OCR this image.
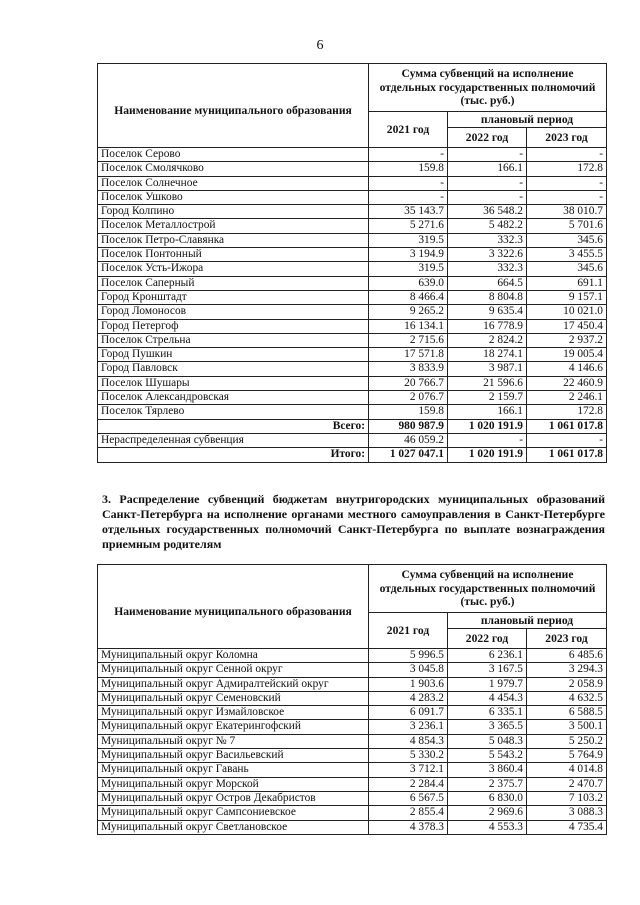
6
Наименование муниципального образования	Сумма субвенций на исполнение отдельных государственных полномочий (тыс. руб.)		
	2021 год	плановый период	
		2022 год	2023 год
Поселок Серово	-	-	-
Поселок Смолячково	159.8	166.1	172.8
Поселок Солнечное	-	-	-
Поселок Ушково	-	-	-
Город Колпино	35 143.7	36 548.2	38 010.7
Поселок Металлострой	5 271.6	5 482.2	5 701.6
Поселок Петро-Славянка	319.5	332.3	345.6
Поселок Понтонный	3 194.9	3 322.6	3 455.5
Поселок Усть-Ижора	319.5	332.3	345.6
Поселок Саперный	639.0	664.5	691.1
Город Кронштадт	8 466.4	8 804.8	9 157.1
Город Ломоносов	9 265.2	9 635.4	10 021.0
Город Петергоф	16 134.1	16 778.9	17 450.4
Поселок Стрельна	2 715.6	2 824.2	2 937.2
Город Пушкин	17 571.8	18 274.1	19 005.4
Город Павловск	3 833.9	3 987.1	4 146.6
Поселок Шушары	20 766.7	21 596.6	22 460.9
Поселок Александровская	2 076.7	2 159.7	2 246.1
Поселок Тярлево	159.8	166.1	172.8
Всего:	980 987.9	1 020 191.9	1 061 017.8
Нераспределенная субвенция	46 059.2	-	-
Итого:	1 027 047.1	1 020 191.9	1 061 017.8
3. Распределение субвенций бюджетам внутригородских муниципальных образований Санкт-Петербурга на исполнение органами местного самоуправления в Санкт-Петербурге отдельных государственных полномочий Санкт-Петербурга по выплате вознаграждения приемным родителям
Наименование муниципального образования	Сумма субвенций на исполнение отдельных государственных полномочий (тыс. руб.)		
	2021 год	плановый период	
		2022 год	2023 год
Муниципальный округ Коломна	5 996.5	6 236.1	6 485.6
Муниципальный округ Сенной округ	3 045.8	3 167.5	3 294.3
Муниципальный округ Адмиралтейский округ	1 903.6	1 979.7	2 058.9
Муниципальный округ Семеновский	4 283.2	4 454.3	4 632.5
Муниципальный округ Измайловское	6 091.7	6 335.1	6 588.5
Муниципальный округ Екатерингофский	3 236.1	3 365.5	3 500.1
Муниципальный округ № 7	4 854.3	5 048.3	5 250.2
Муниципальный округ Васильевский	5 330.2	5 543.2	5 764.9
Муниципальный округ Гавань	3 712.1	3 860.4	4 014.8
Муниципальный округ Морской	2 284.4	2 375.7	2 470.7
Муниципальный округ Остров Декабристов	6 567.5	6 830.0	7 103.2
Муниципальный округ Сампсониевское	2 855.4	2 969.6	3 088.3
Муниципальный округ Светлановское	4 378.3	4 553.3	4 735.4
